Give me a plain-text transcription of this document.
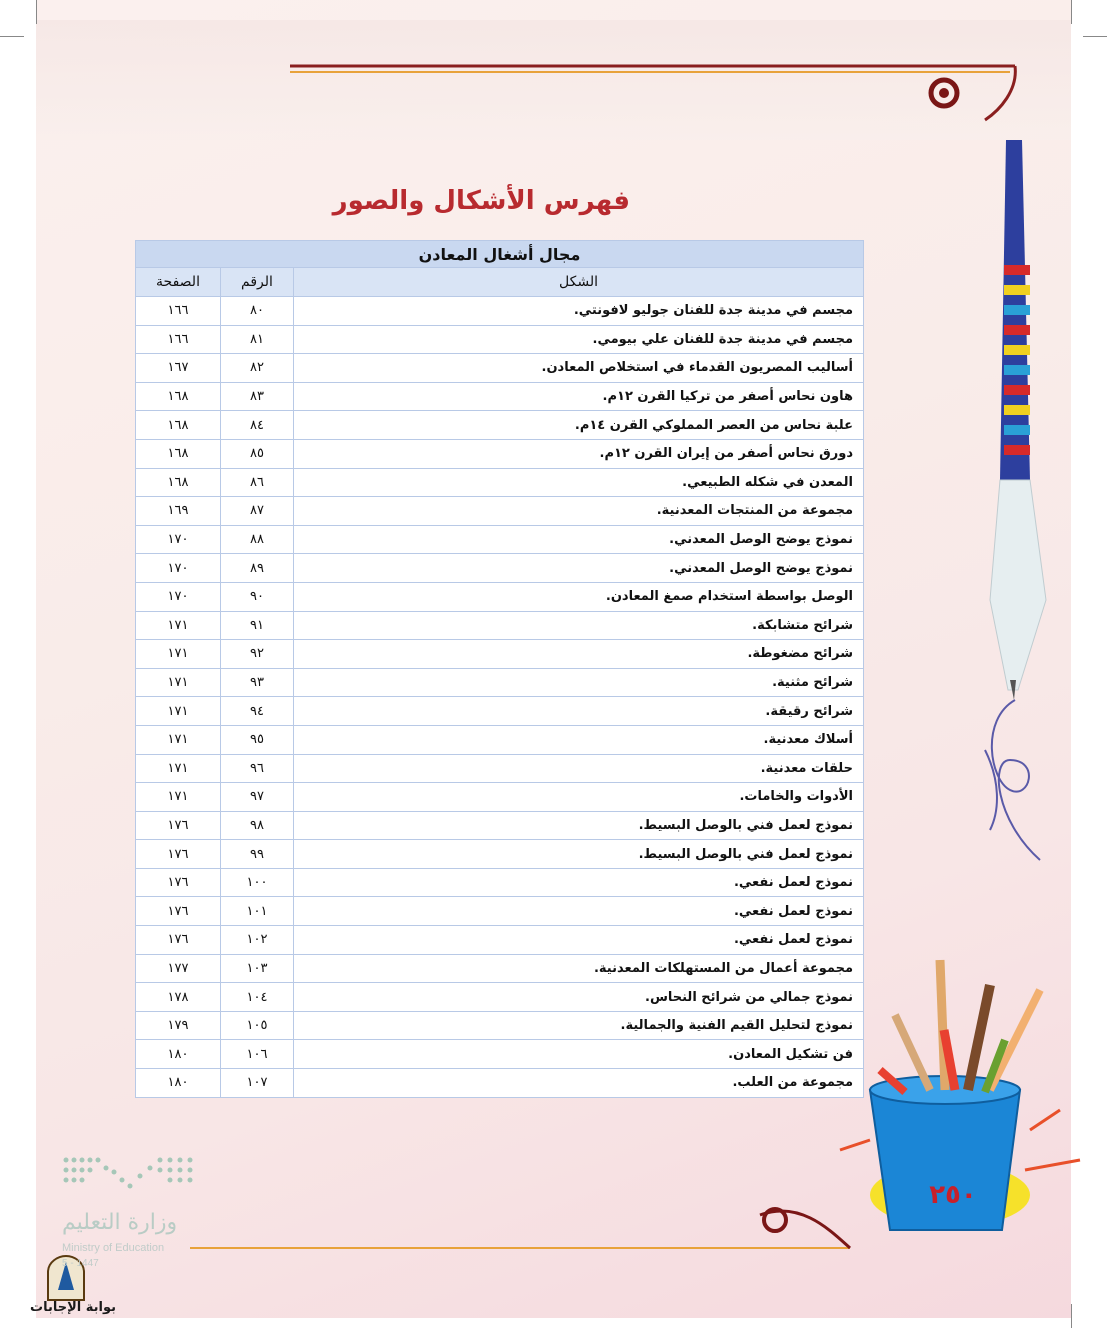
فهرس الأشكال والصور
مجال أشغال المعادن		
الشكل	الرقم	الصفحة
مجسم في مدينة جدة للفنان جوليو لافونتي.	٨٠	١٦٦
مجسم في مدينة جدة للفنان علي بيومي.	٨١	١٦٦
أساليب المصريون القدماء في استخلاص المعادن.	٨٢	١٦٧
هاون نحاس أصفر من تركيا القرن ١٢م.	٨٣	١٦٨
علبة نحاس من العصر المملوكي القرن ١٤م.	٨٤	١٦٨
دورق نحاس أصفر من إيران القرن ١٢م.	٨٥	١٦٨
المعدن في شكله الطبيعي.	٨٦	١٦٨
مجموعة من المنتجات المعدنية.	٨٧	١٦٩
نموذج يوضح الوصل المعدني.	٨٨	١٧٠
نموذج يوضح الوصل المعدني.	٨٩	١٧٠
الوصل بواسطة استخدام صمغ المعادن.	٩٠	١٧٠
شرائح متشابكة.	٩١	١٧١
شرائح مضغوطة.	٩٢	١٧١
شرائح مثنية.	٩٣	١٧١
شرائح رقيقة.	٩٤	١٧١
أسلاك معدنية.	٩٥	١٧١
حلقات معدنية.	٩٦	١٧١
الأدوات والخامات.	٩٧	١٧١
نموذج لعمل فني بالوصل البسيط.	٩٨	١٧٦
نموذج لعمل فني بالوصل البسيط.	٩٩	١٧٦
نموذج لعمل نفعي.	١٠٠	١٧٦
نموذج لعمل نفعي.	١٠١	١٧٦
نموذج لعمل نفعي.	١٠٢	١٧٦
مجموعة أعمال من المستهلكات المعدنية.	١٠٣	١٧٧
نموذج جمالي من شرائح النحاس.	١٠٤	١٧٨
نموذج لتحليل القيم الفنية والجمالية.	١٠٥	١٧٩
فن تشكيل المعادن.	١٠٦	١٨٠
مجموعة من العلب.	١٠٧	١٨٠
٢٥٠
وزارة التعليم
Ministry of Education
5 - 1447
بوابة الإجابات
